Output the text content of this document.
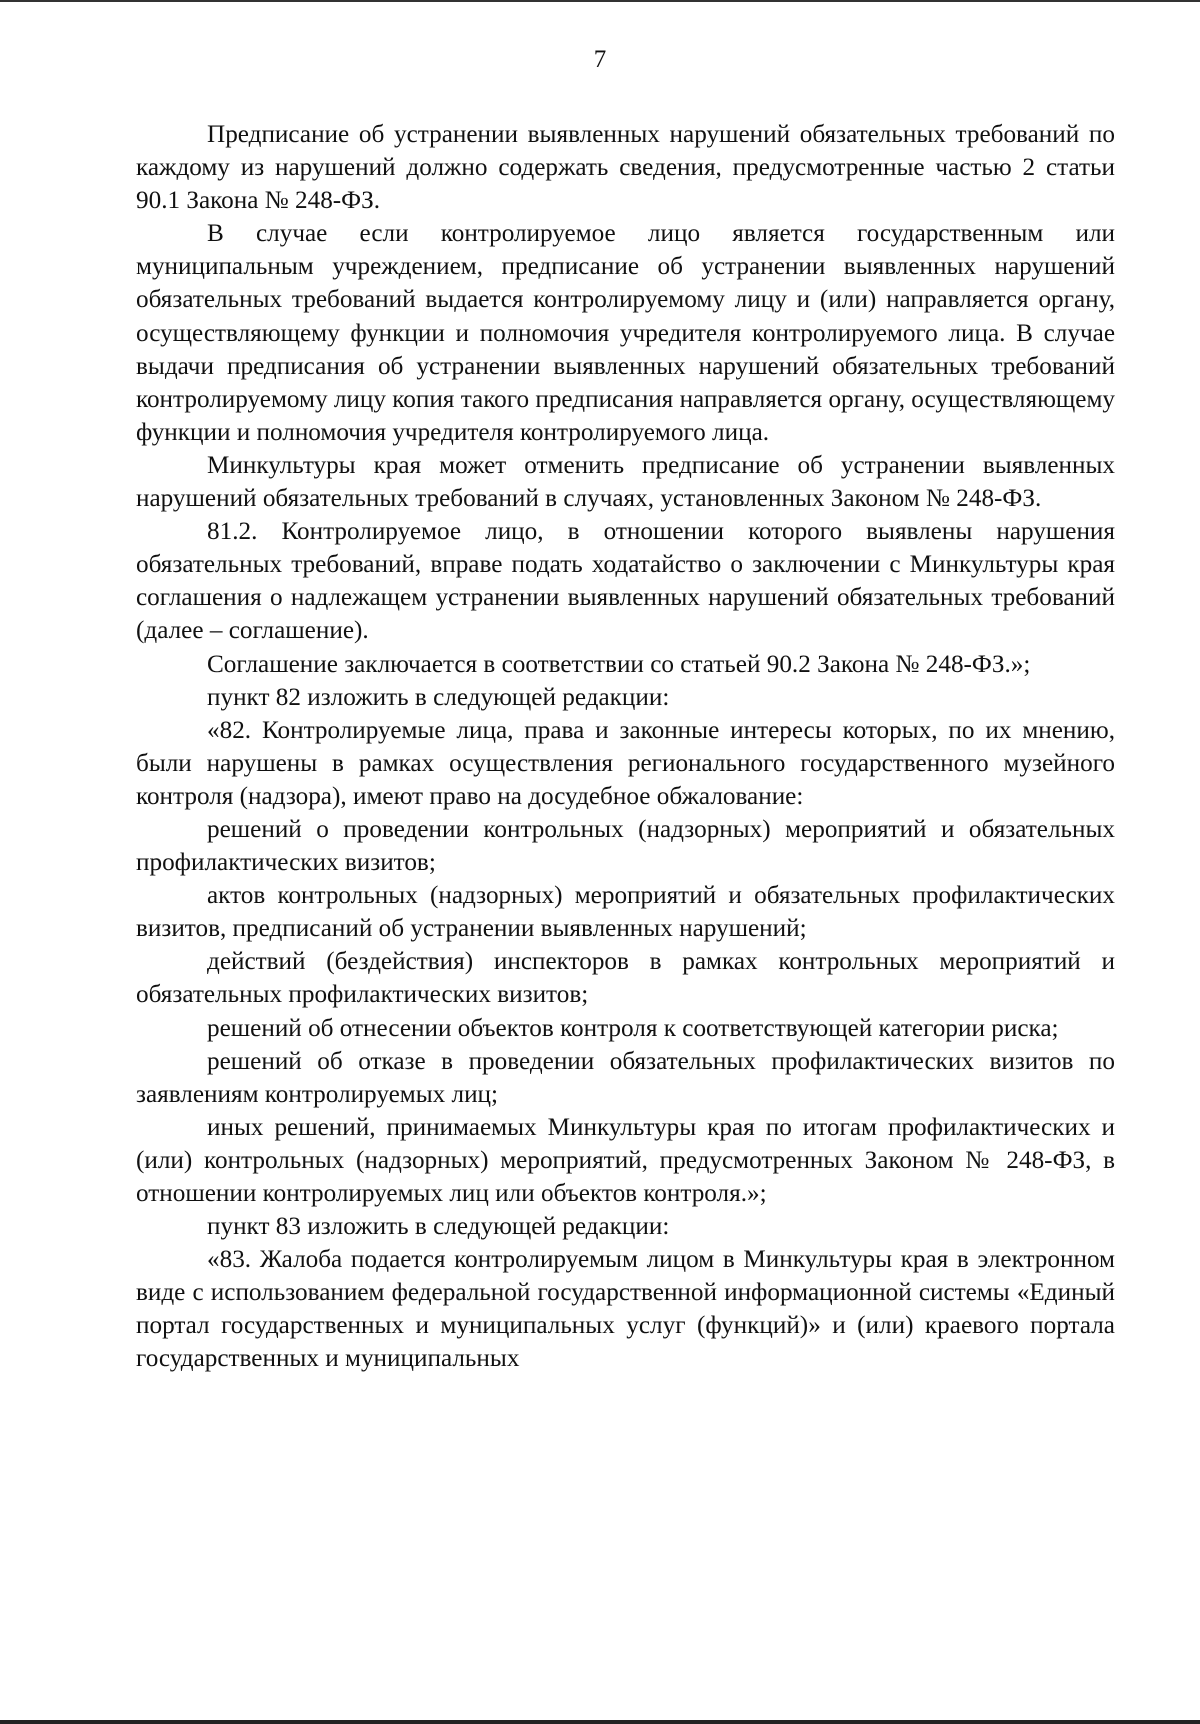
7

Предписание об устранении выявленных нарушений обязательных требований по каждому из нарушений должно содержать сведения, предусмотренные частью 2 статьи 90.1 Закона № 248-ФЗ.

В случае если контролируемое лицо является государственным или муниципальным учреждением, предписание об устранении выявленных нарушений обязательных требований выдается контролируемому лицу и (или) направляется органу, осуществляющему функции и полномочия учредителя контролируемого лица. В случае выдачи предписания об устранении выявленных нарушений обязательных требований контролируемому лицу копия такого предписания направляется органу, осуществляющему функции и полномочия учредителя контролируемого лица.

Минкультуры края может отменить предписание об устранении выявленных нарушений обязательных требований в случаях, установленных Законом № 248-ФЗ.

81.2. Контролируемое лицо, в отношении которого выявлены нарушения обязательных требований, вправе подать ходатайство о заключении с Минкультуры края соглашения о надлежащем устранении выявленных нарушений обязательных требований (далее – соглашение).

Соглашение заключается в соответствии со статьей 90.2 Закона № 248-ФЗ.»;

пункт 82 изложить в следующей редакции:

«82. Контролируемые лица, права и законные интересы которых, по их мнению, были нарушены в рамках осуществления регионального государственного музейного контроля (надзора), имеют право на досудебное обжалование:

решений о проведении контрольных (надзорных) мероприятий и обязательных профилактических визитов;

актов контрольных (надзорных) мероприятий и обязательных профилактических визитов, предписаний об устранении выявленных нарушений;

действий (бездействия) инспекторов в рамках контрольных мероприятий и обязательных профилактических визитов;

решений об отнесении объектов контроля к соответствующей категории риска;

решений об отказе в проведении обязательных профилактических визитов по заявлениям контролируемых лиц;

иных решений, принимаемых Минкультуры края по итогам профилактических и (или) контрольных (надзорных) мероприятий, предусмотренных Законом № 248-ФЗ, в отношении контролируемых лиц или объектов контроля.»;

пункт 83 изложить в следующей редакции:

«83. Жалоба подается контролируемым лицом в Минкультуры края в электронном виде с использованием федеральной государственной информационной системы «Единый портал государственных и муниципальных услуг (функций)» и (или) краевого портала государственных и муниципальных
